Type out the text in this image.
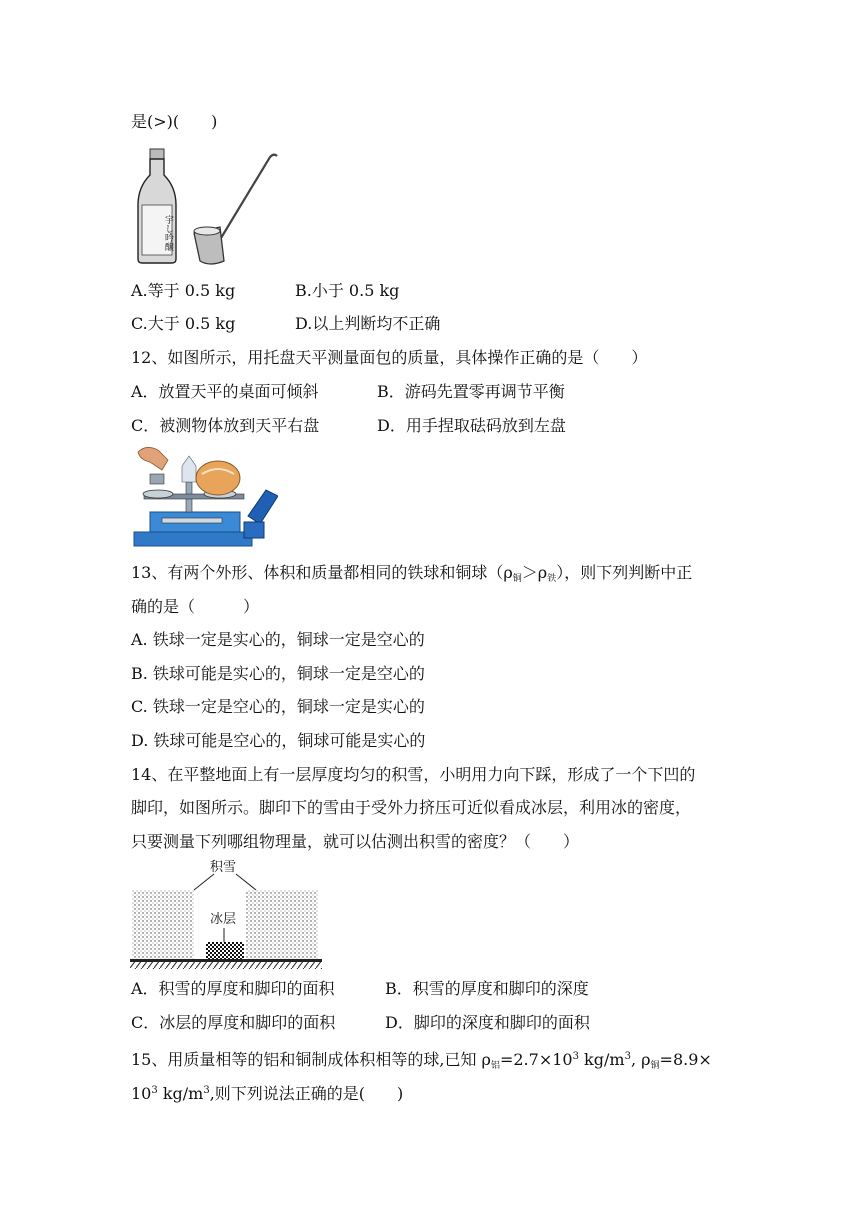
是(>)(　　)
宇し吟醸
A.等于 0.5 kg	B.小于 0.5 kg
C.大于 0.5 kg	D.以上判断均不正确
12、如图所示，用托盘天平测量面包的质量，具体操作正确的是（　　）
A．放置天平的桌面可倾斜	B．游码先置零再调节平衡
C．被测物体放到天平右盘	D．用手捏取砝码放到左盘
13、有两个外形、体积和质量都相同的铁球和铜球$(\rho_铜>\rho_铁)$，则下列判断中正
确的是（　　　）
A. 铁球一定是实心的，铜球一定是空心的
B. 铁球可能是实心的，铜球一定是空心的
C. 铁球一定是空心的，铜球一定是实心的
D. 铁球可能是空心的，铜球可能是实心的
14、在平整地面上有一层厚度均匀的积雪，小明用力向下踩，形成了一个下凹的
脚印，如图所示。脚印下的雪由于受外力挤压可近似看成冰层，利用冰的密度，
只要测量下列哪组物理量，就可以估测出积雪的密度？（　　）
积雪
冰层
A．积雪的厚度和脚印的面积	B．积雪的厚度和脚印的深度
C．冰层的厚度和脚印的面积	D．脚印的深度和脚印的面积
15、用质量相等的铝和铜制成体积相等的球,已知 $\rho_铝=2.7\times 10^3$ $kg/m^3$, $\rho_铜=8.9\times$
$10^3$ $kg/m^3$,则下列说法正确的是(　　)
